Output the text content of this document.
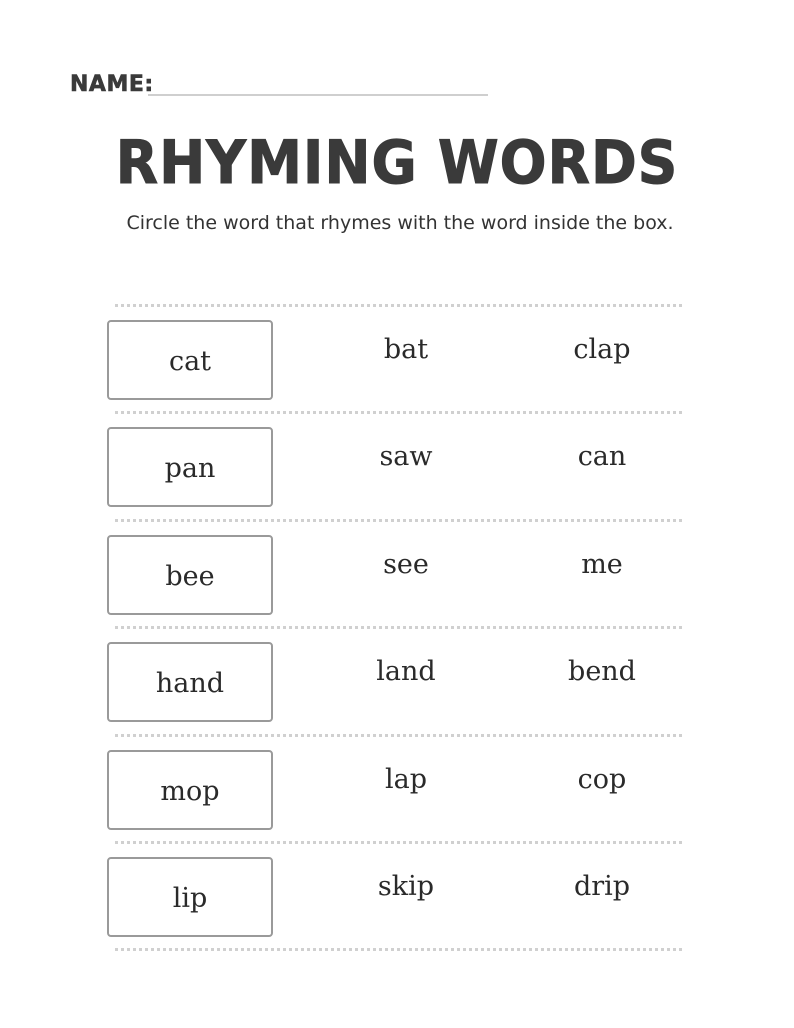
NAME:
RHYMING WORDS
Circle the word that rhymes with the word inside the box.
cat	bat	clap
pan	saw	can
bee	see	me
hand	land	bend
mop	lap	cop
lip	skip	drip
